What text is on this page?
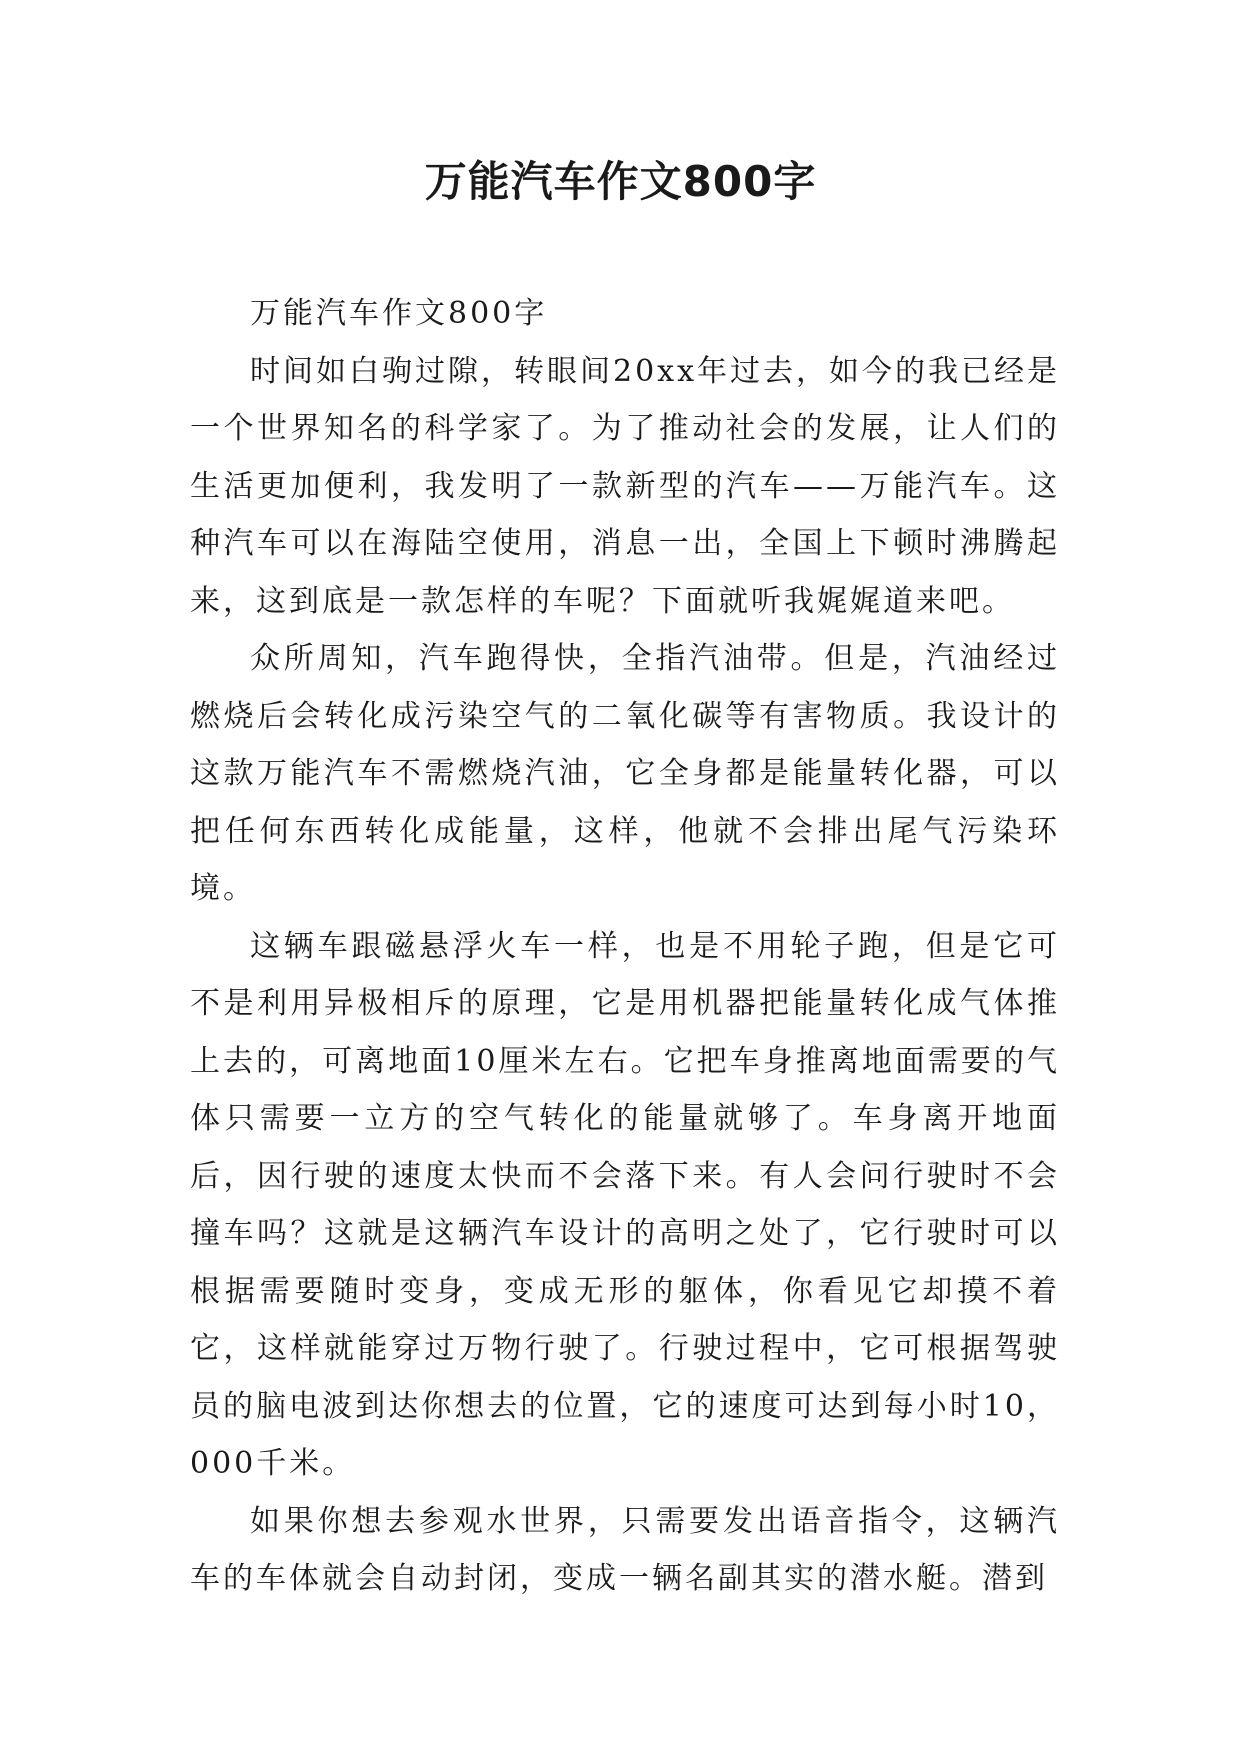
万能汽车作文800字

万能汽车作文800字

时间如白驹过隙，转眼间20xx年过去，如今的我已经是一个世界知名的科学家了。为了推动社会的发展，让人们的生活更加便利，我发明了一款新型的汽车——万能汽车。这种汽车可以在海陆空使用，消息一出，全国上下顿时沸腾起来，这到底是一款怎样的车呢？下面就听我娓娓道来吧。

众所周知，汽车跑得快，全指汽油带。但是，汽油经过燃烧后会转化成污染空气的二氧化碳等有害物质。我设计的这款万能汽车不需燃烧汽油，它全身都是能量转化器，可以把任何东西转化成能量，这样，他就不会排出尾气污染环境。

这辆车跟磁悬浮火车一样，也是不用轮子跑，但是它可不是利用异极相斥的原理，它是用机器把能量转化成气体推上去的，可离地面10厘米左右。它把车身推离地面需要的气体只需要一立方的空气转化的能量就够了。车身离开地面后，因行驶的速度太快而不会落下来。有人会问行驶时不会撞车吗？这就是这辆汽车设计的高明之处了，它行驶时可以根据需要随时变身，变成无形的躯体，你看见它却摸不着它，这样就能穿过万物行驶了。行驶过程中，它可根据驾驶员的脑电波到达你想去的位置，它的速度可达到每小时10，000千米。

如果你想去参观水世界，只需要发出语音指令，这辆汽车的车体就会自动封闭，变成一辆名副其实的潜水艇。潜到
